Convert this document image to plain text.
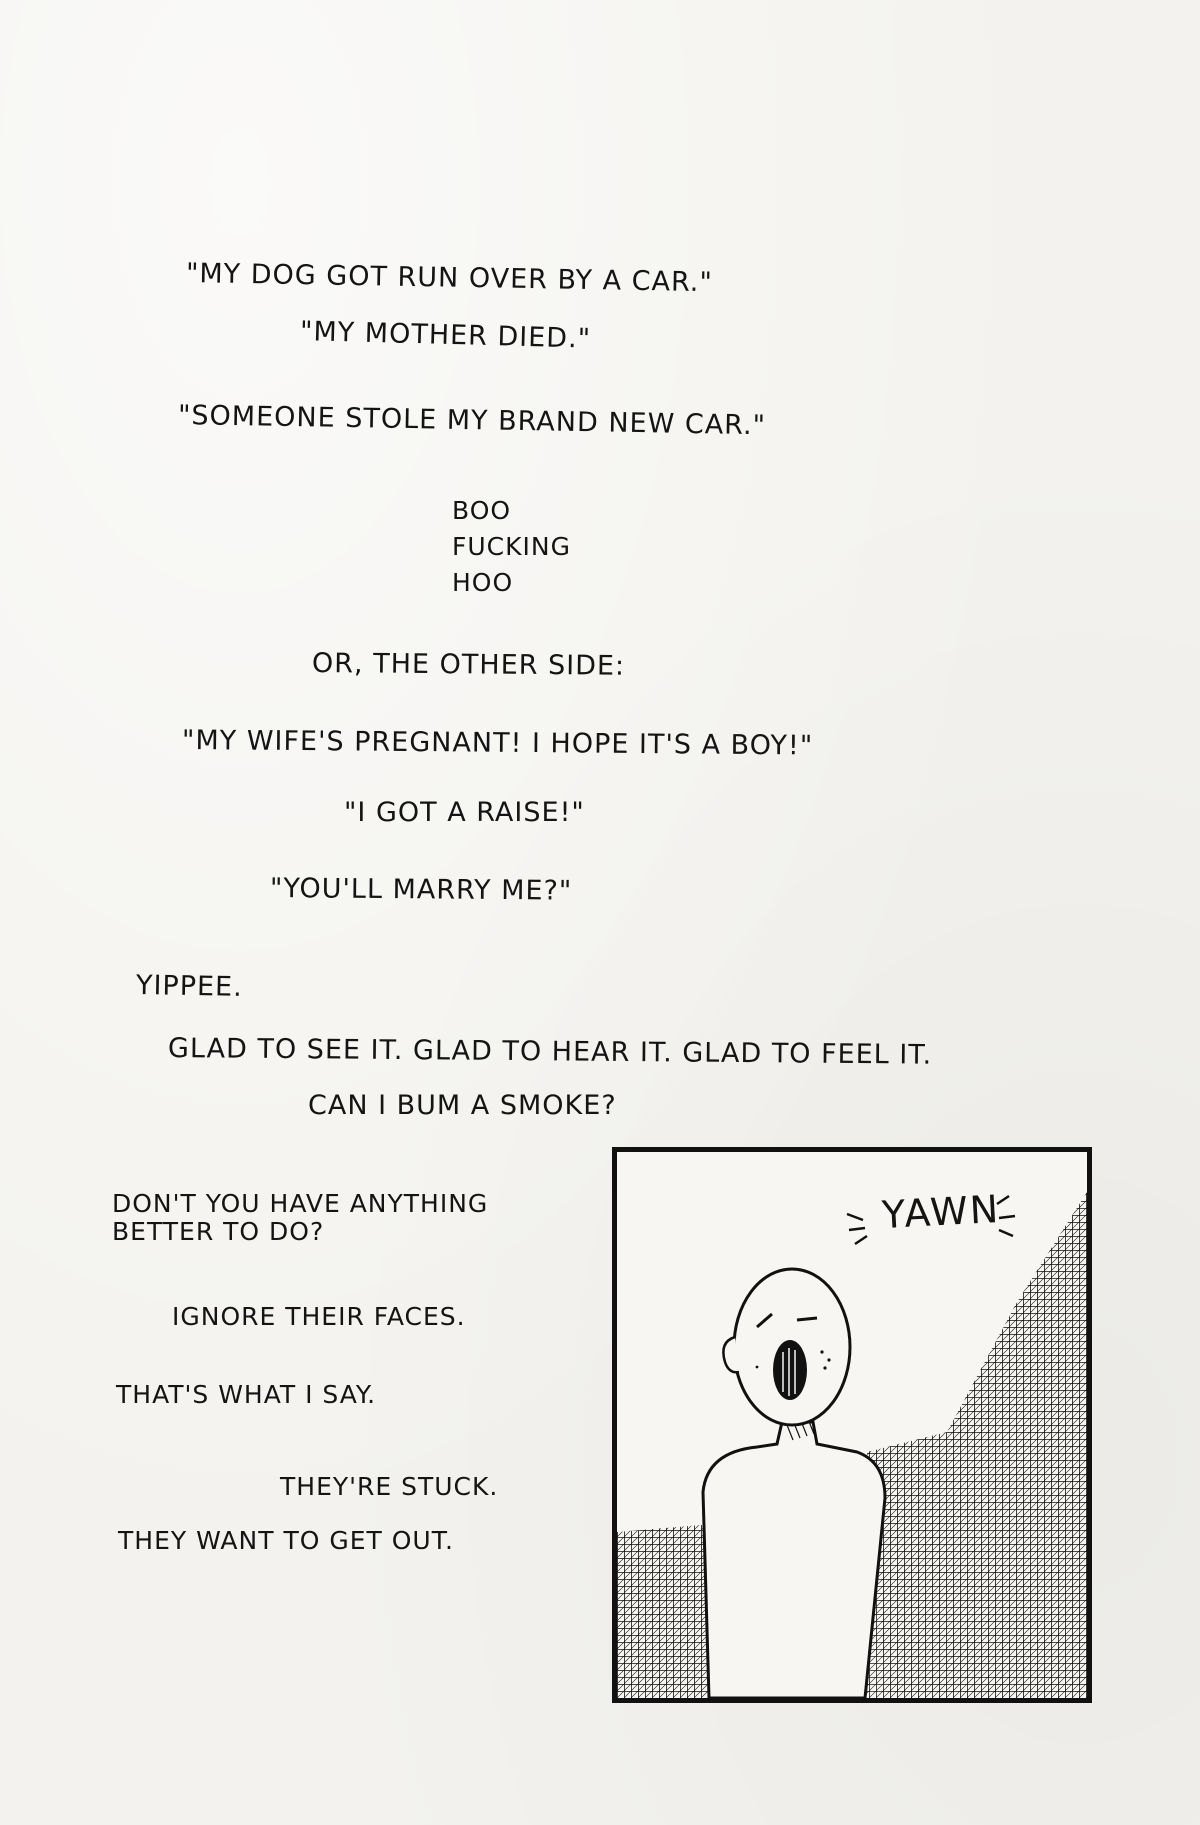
"MY DOG GOT RUN OVER BY A CAR."
"MY MOTHER DIED."
"SOMEONE STOLE MY BRAND NEW CAR."
BOO
FUCKING
HOO
OR, THE OTHER SIDE:
"MY WIFE'S PREGNANT! I HOPE IT'S A BOY!"
"I GOT A RAISE!"
"YOU'LL MARRY ME?"
YIPPEE.
GLAD TO SEE IT. GLAD TO HEAR IT. GLAD TO FEEL IT.
CAN I BUM A SMOKE?
DON'T YOU HAVE ANYTHING
BETTER TO DO?
IGNORE THEIR FACES.
THAT'S WHAT I SAY.
THEY'RE STUCK.
THEY WANT TO GET OUT.
YAWN
